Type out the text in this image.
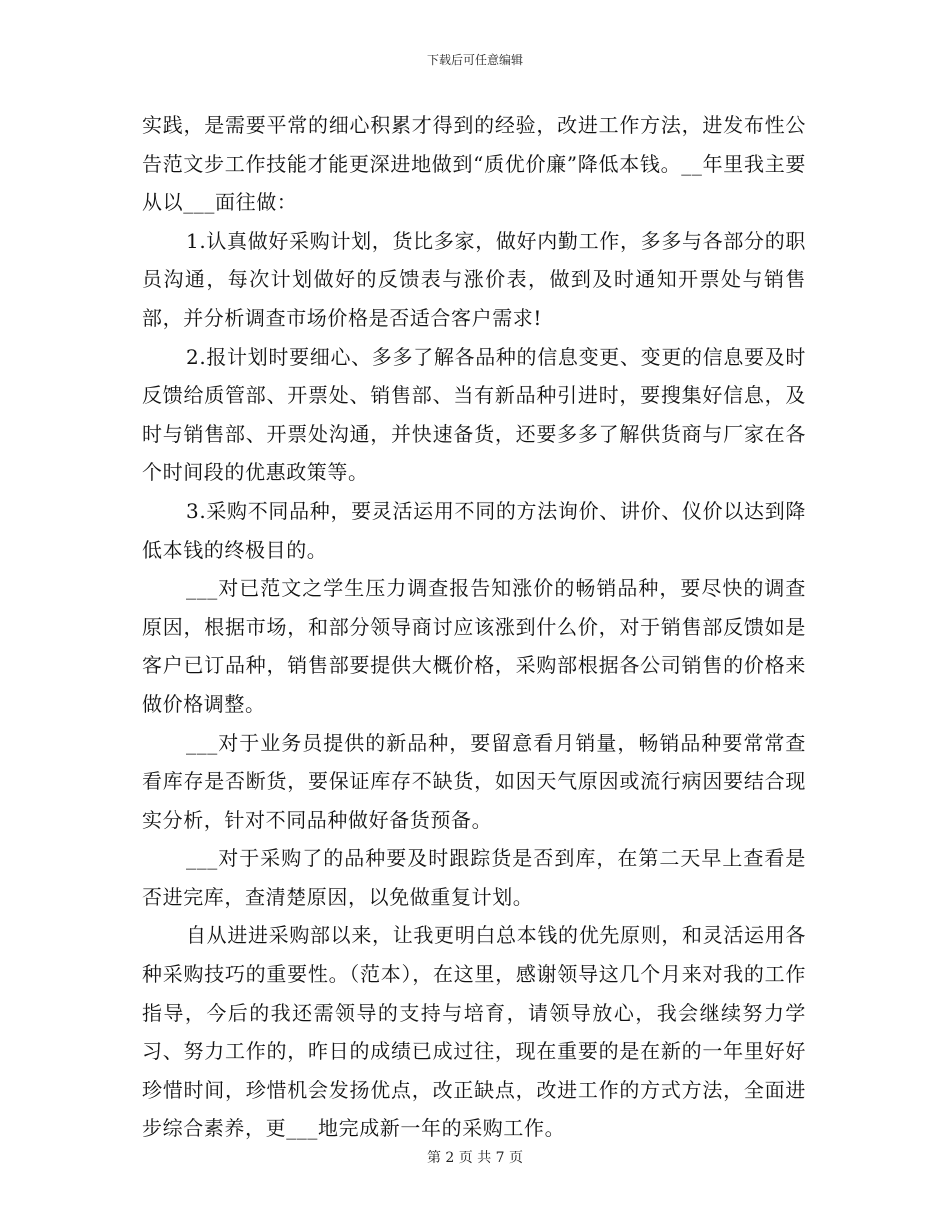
下载后可任意编辑

实践，是需要平常的细心积累才得到的经验，改进工作方法，进发布性公告范文步工作技能才能更深进地做到“质优价廉”降低本钱。__年里我主要从以___面往做：

1.认真做好采购计划，货比多家，做好内勤工作，多多与各部分的职员沟通，每次计划做好的反馈表与涨价表，做到及时通知开票处与销售部，并分析调查市场价格是否适合客户需求!

2.报计划时要细心、多多了解各品种的信息变更、变更的信息要及时反馈给质管部、开票处、销售部、当有新品种引进时，要搜集好信息，及时与销售部、开票处沟通，并快速备货，还要多多了解供货商与厂家在各个时间段的优惠政策等。

3.采购不同品种，要灵活运用不同的方法询价、讲价、仪价以达到降低本钱的终极目的。

___对已范文之学生压力调查报告知涨价的畅销品种，要尽快的调查原因，根据市场，和部分领导商讨应该涨到什么价，对于销售部反馈如是客户已订品种，销售部要提供大概价格，采购部根据各公司销售的价格来做价格调整。

___对于业务员提供的新品种，要留意看月销量，畅销品种要常常查看库存是否断货，要保证库存不缺货，如因天气原因或流行病因要结合现实分析，针对不同品种做好备货预备。

___对于采购了的品种要及时跟踪货是否到库，在第二天早上查看是否进完库，查清楚原因，以免做重复计划。

自从进进采购部以来，让我更明白总本钱的优先原则，和灵活运用各种采购技巧的重要性。（范本），在这里，感谢领导这几个月来对我的工作指导，今后的我还需领导的支持与培育，请领导放心，我会继续努力学习、努力工作的，昨日的成绩已成过往，现在重要的是在新的一年里好好珍惜时间，珍惜机会发扬优点，改正缺点，改进工作的方式方法，全面进步综合素养，更___地完成新一年的采购工作。

第 2 页 共 7 页
